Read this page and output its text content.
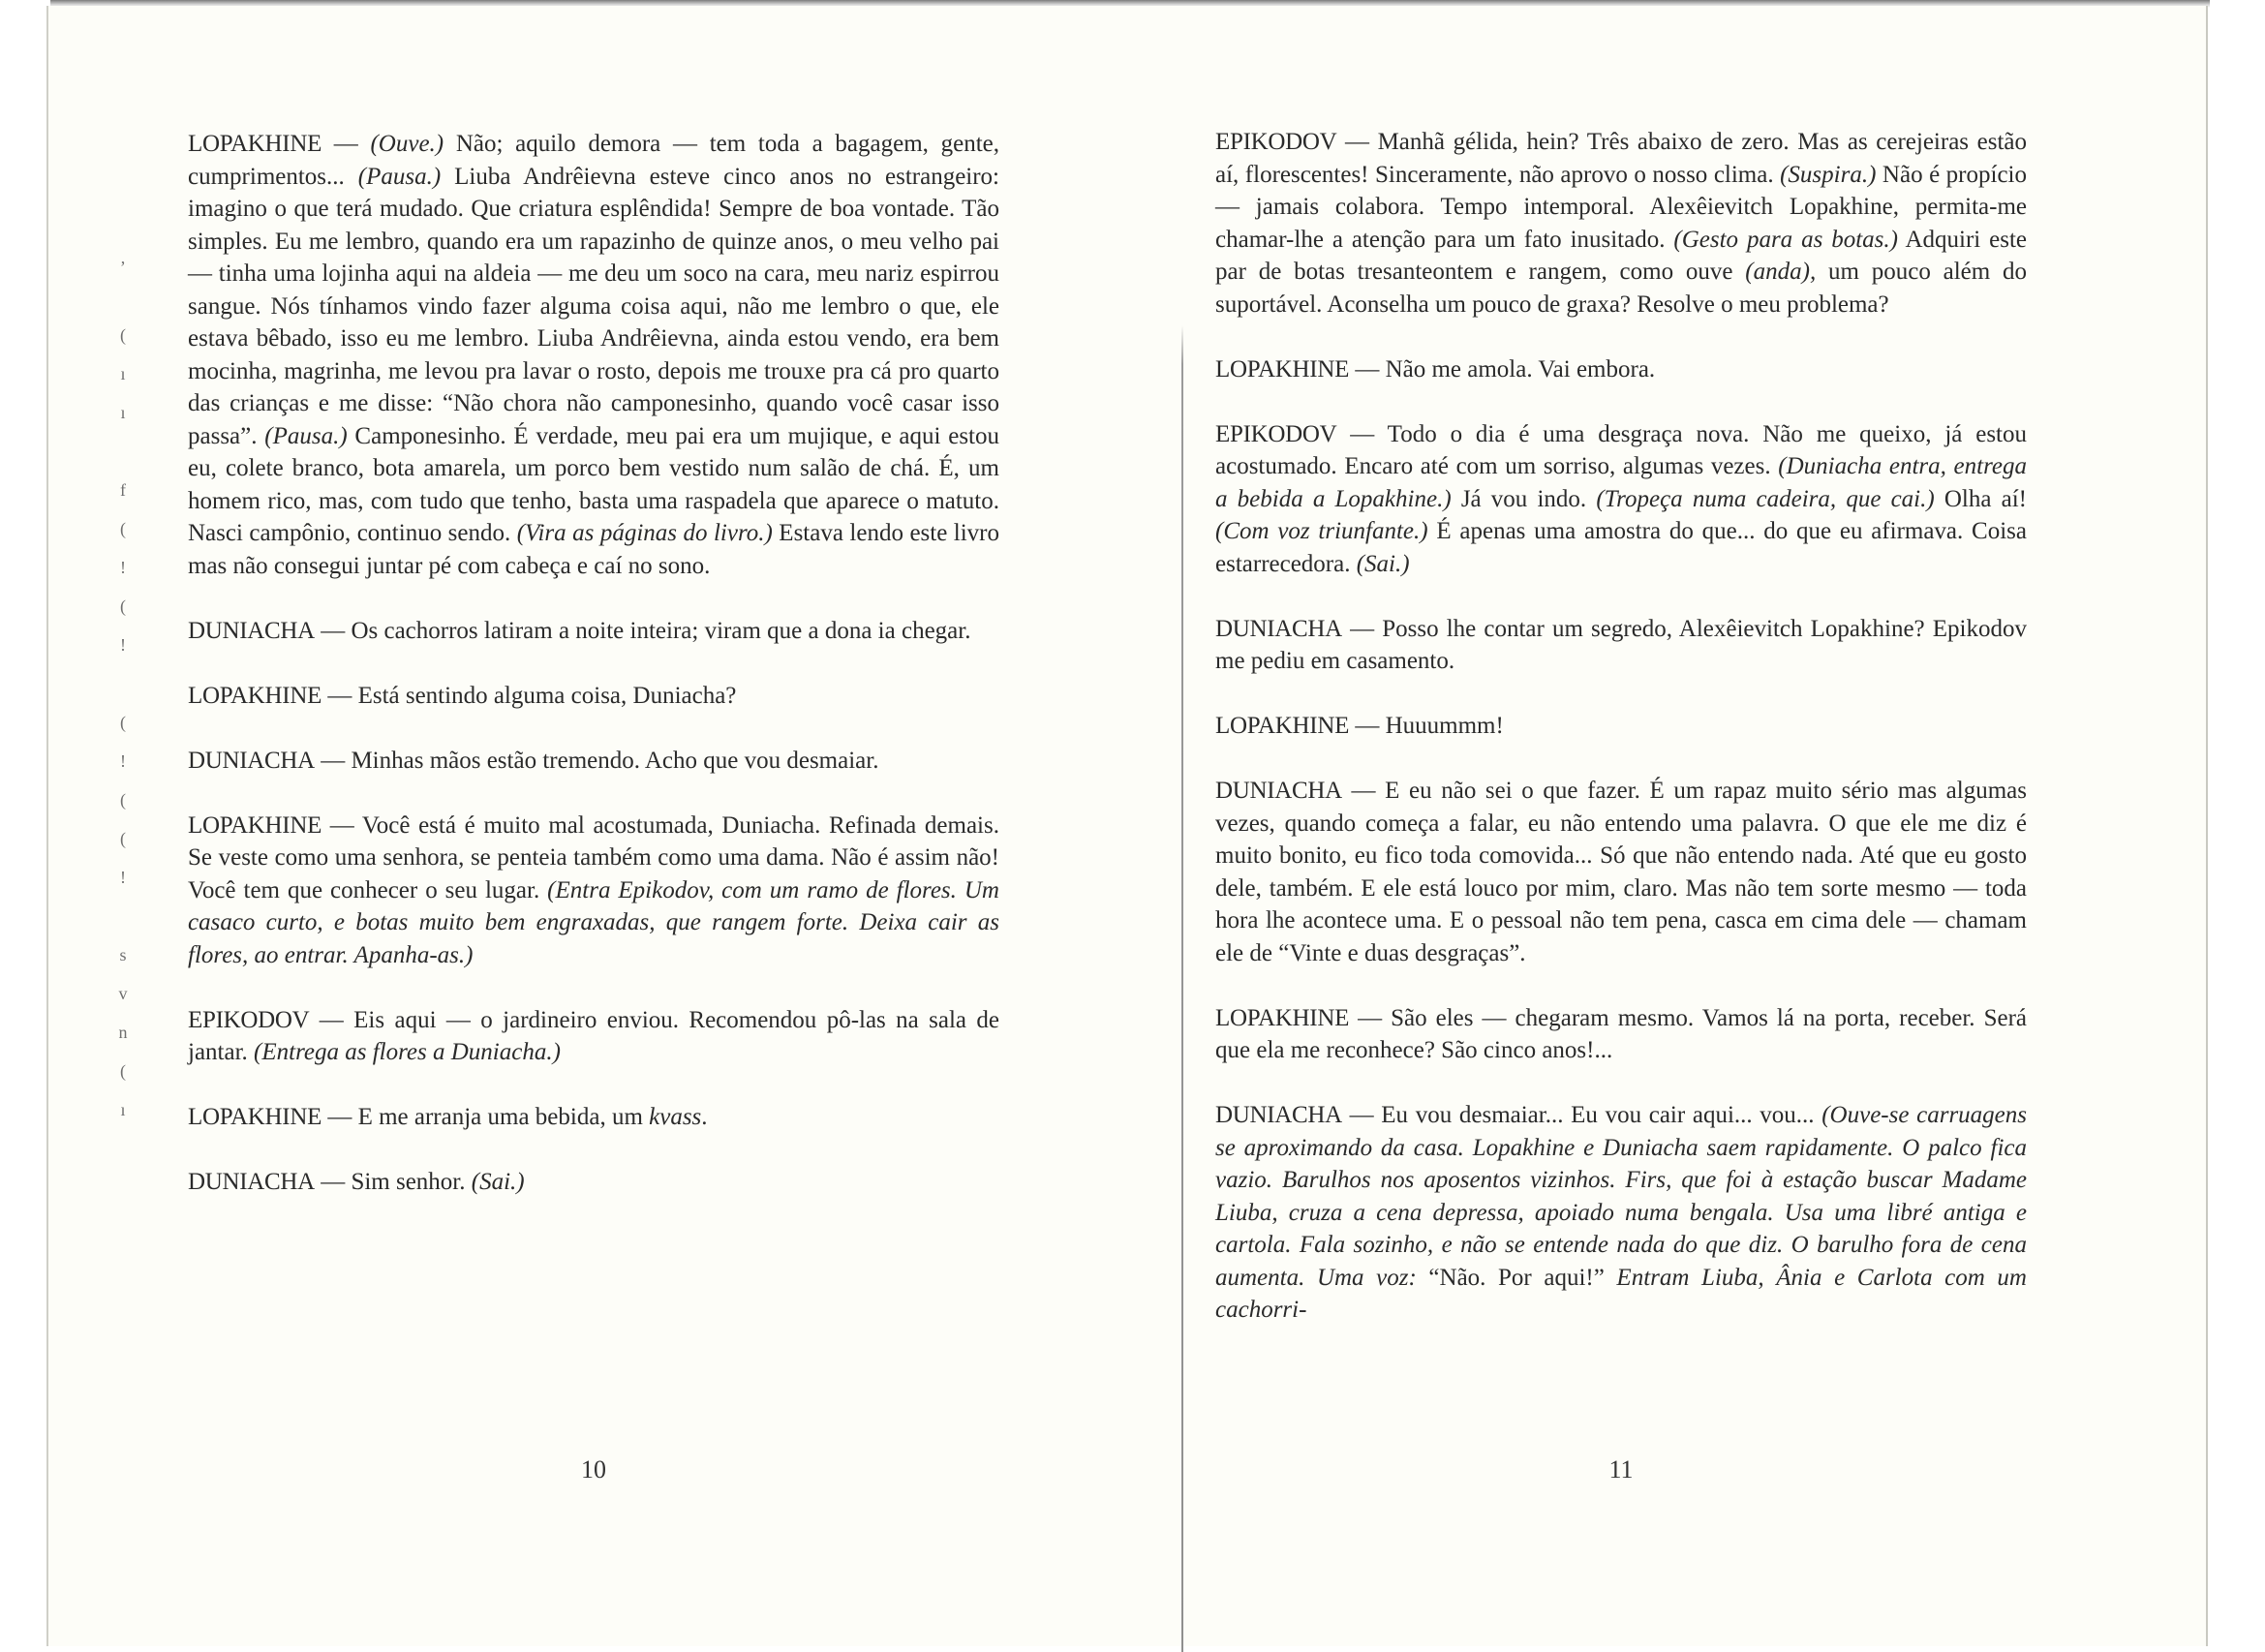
,

(
ı
ı

f
(
!
(
!

(
!
(
(
!

s
v
n
(
ı

LOPAKHINE — (Ouve.) Não; aquilo demora — tem toda a bagagem, gente, cumprimentos... (Pausa.) Liuba Andrêievna esteve cinco anos no estrangeiro: imagino o que terá mudado. Que criatura esplêndida! Sempre de boa vontade. Tão simples. Eu me lembro, quando era um rapazinho de quinze anos, o meu velho pai — tinha uma lojinha aqui na aldeia — me deu um soco na cara, meu nariz espirrou sangue. Nós tínhamos vindo fazer alguma coisa aqui, não me lembro o que, ele estava bêbado, isso eu me lembro. Liuba Andrêievna, ainda estou vendo, era bem mocinha, magrinha, me levou pra lavar o rosto, depois me trouxe pra cá pro quarto das crianças e me disse: “Não chora não camponesinho, quando você casar isso passa”. (Pausa.) Camponesinho. É verdade, meu pai era um mujique, e aqui estou eu, colete branco, bota amarela, um porco bem vestido num salão de chá. É, um homem rico, mas, com tudo que tenho, basta uma raspadela que aparece o matuto. Nasci campônio, continuo sendo. (Vira as páginas do livro.) Estava lendo este livro mas não consegui juntar pé com cabeça e caí no sono.

DUNIACHA — Os cachorros latiram a noite inteira; viram que a dona ia chegar.

LOPAKHINE — Está sentindo alguma coisa, Duniacha?

DUNIACHA — Minhas mãos estão tremendo. Acho que vou desmaiar.

LOPAKHINE — Você está é muito mal acostumada, Duniacha. Refinada demais. Se veste como uma senhora, se penteia também como uma dama. Não é assim não! Você tem que conhecer o seu lugar. (Entra Epikodov, com um ramo de flores. Um casaco curto, e botas muito bem engraxadas, que rangem forte. Deixa cair as flores, ao entrar. Apanha-as.)

EPIKODOV — Eis aqui — o jardineiro enviou. Recomendou pô-las na sala de jantar. (Entrega as flores a Duniacha.)

LOPAKHINE — E me arranja uma bebida, um kvass.

DUNIACHA — Sim senhor. (Sai.)

10

EPIKODOV — Manhã gélida, hein? Três abaixo de zero. Mas as cerejeiras estão aí, florescentes! Sinceramente, não aprovo o nosso clima. (Suspira.) Não é propício — jamais colabora. Tempo intemporal. Alexêievitch Lopakhine, permita-me chamar-lhe a atenção para um fato inusitado. (Gesto para as botas.) Adquiri este par de botas tresanteontem e rangem, como ouve (anda), um pouco além do suportável. Aconselha um pouco de graxa? Resolve o meu problema?

LOPAKHINE — Não me amola. Vai embora.

EPIKODOV — Todo o dia é uma desgraça nova. Não me queixo, já estou acostumado. Encaro até com um sorriso, algumas vezes. (Duniacha entra, entrega a bebida a Lopakhine.) Já vou indo. (Tropeça numa cadeira, que cai.) Olha aí! (Com voz triunfante.) É apenas uma amostra do que... do que eu afirmava. Coisa estarrecedora. (Sai.)

DUNIACHA — Posso lhe contar um segredo, Alexêievitch Lopakhine? Epikodov me pediu em casamento.

LOPAKHINE — Huuummm!

DUNIACHA — E eu não sei o que fazer. É um rapaz muito sério mas algumas vezes, quando começa a falar, eu não entendo uma palavra. O que ele me diz é muito bonito, eu fico toda comovida... Só que não entendo nada. Até que eu gosto dele, também. E ele está louco por mim, claro. Mas não tem sorte mesmo — toda hora lhe acontece uma. E o pessoal não tem pena, casca em cima dele — chamam ele de “Vinte e duas desgraças”.

LOPAKHINE — São eles — chegaram mesmo. Vamos lá na porta, receber. Será que ela me reconhece? São cinco anos!...

DUNIACHA — Eu vou desmaiar... Eu vou cair aqui... vou... (Ouve-se carruagens se aproximando da casa. Lopakhine e Duniacha saem rapidamente. O palco fica vazio. Barulhos nos aposentos vizinhos. Firs, que foi à estação buscar Madame Liuba, cruza a cena depressa, apoiado numa bengala. Usa uma libré antiga e cartola. Fala sozinho, e não se entende nada do que diz. O barulho fora de cena aumenta. Uma voz: “Não. Por aqui!” Entram Liuba, Ânia e Carlota com um cachorri-

11
